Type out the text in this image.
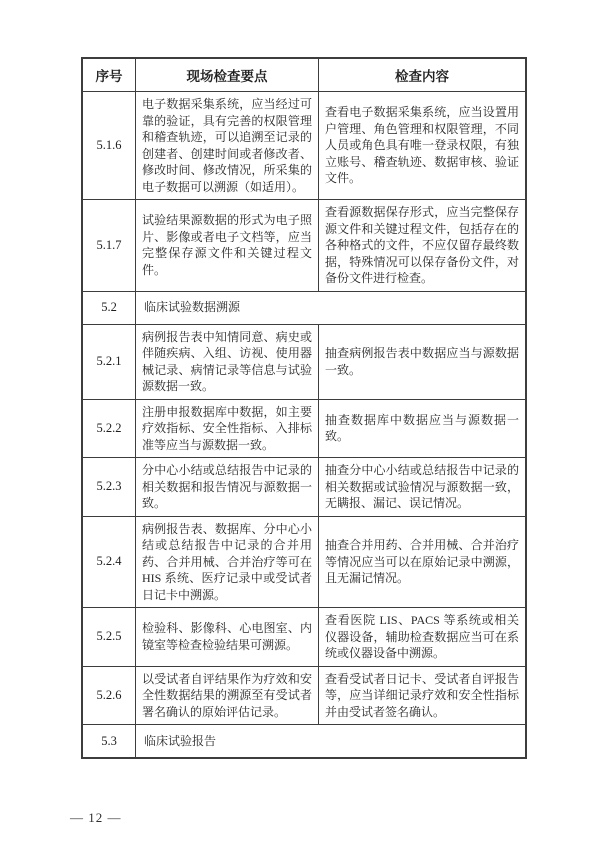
序号	现场检查要点	检查内容
5.1.6	电子数据采集系统，应当经过可靠的验证，具有完善的权限管理和稽查轨迹，可以追溯至记录的创建者、创建时间或者修改者、修改时间、修改情况，所采集的电子数据可以溯源（如适用）。	查看电子数据采集系统，应当设置用户管理、角色管理和权限管理，不同人员或角色具有唯一登录权限，有独立账号、稽查轨迹、数据审核、验证文件。
5.1.7	试验结果源数据的形式为电子照片、影像或者电子文档等，应当完整保存源文件和关键过程文件。	查看源数据保存形式，应当完整保存源文件和关键过程文件，包括存在的各种格式的文件，不应仅留存最终数据，特殊情况可以保存备份文件，对备份文件进行检查。
5.2	临床试验数据溯源	
5.2.1	病例报告表中知情同意、病史或伴随疾病、入组、访视、使用器械记录、病情记录等信息与试验源数据一致。	抽查病例报告表中数据应当与源数据一致。
5.2.2	注册申报数据库中数据，如主要疗效指标、安全性指标、入排标准等应当与源数据一致。	抽查数据库中数据应当与源数据一致。
5.2.3	分中心小结或总结报告中记录的相关数据和报告情况与源数据一致。	抽查分中心小结或总结报告中记录的相关数据或试验情况与源数据一致，无瞒报、漏记、误记情况。
5.2.4	病例报告表、数据库、分中心小结或总结报告中记录的合并用药、合并用械、合并治疗等可在 HIS 系统、医疗记录中或受试者日记卡中溯源。	抽查合并用药、合并用械、合并治疗等情况应当可以在原始记录中溯源，且无漏记情况。
5.2.5	检验科、影像科、心电图室、内镜室等检查检验结果可溯源。	查看医院 LIS、PACS 等系统或相关仪器设备，辅助检查数据应当可在系统或仪器设备中溯源。
5.2.6	以受试者自评结果作为疗效和安全性数据结果的溯源至有受试者署名确认的原始评估记录。	查看受试者日记卡、受试者自评报告等，应当详细记录疗效和安全性指标并由受试者签名确认。
5.3	临床试验报告	
— 12 —
